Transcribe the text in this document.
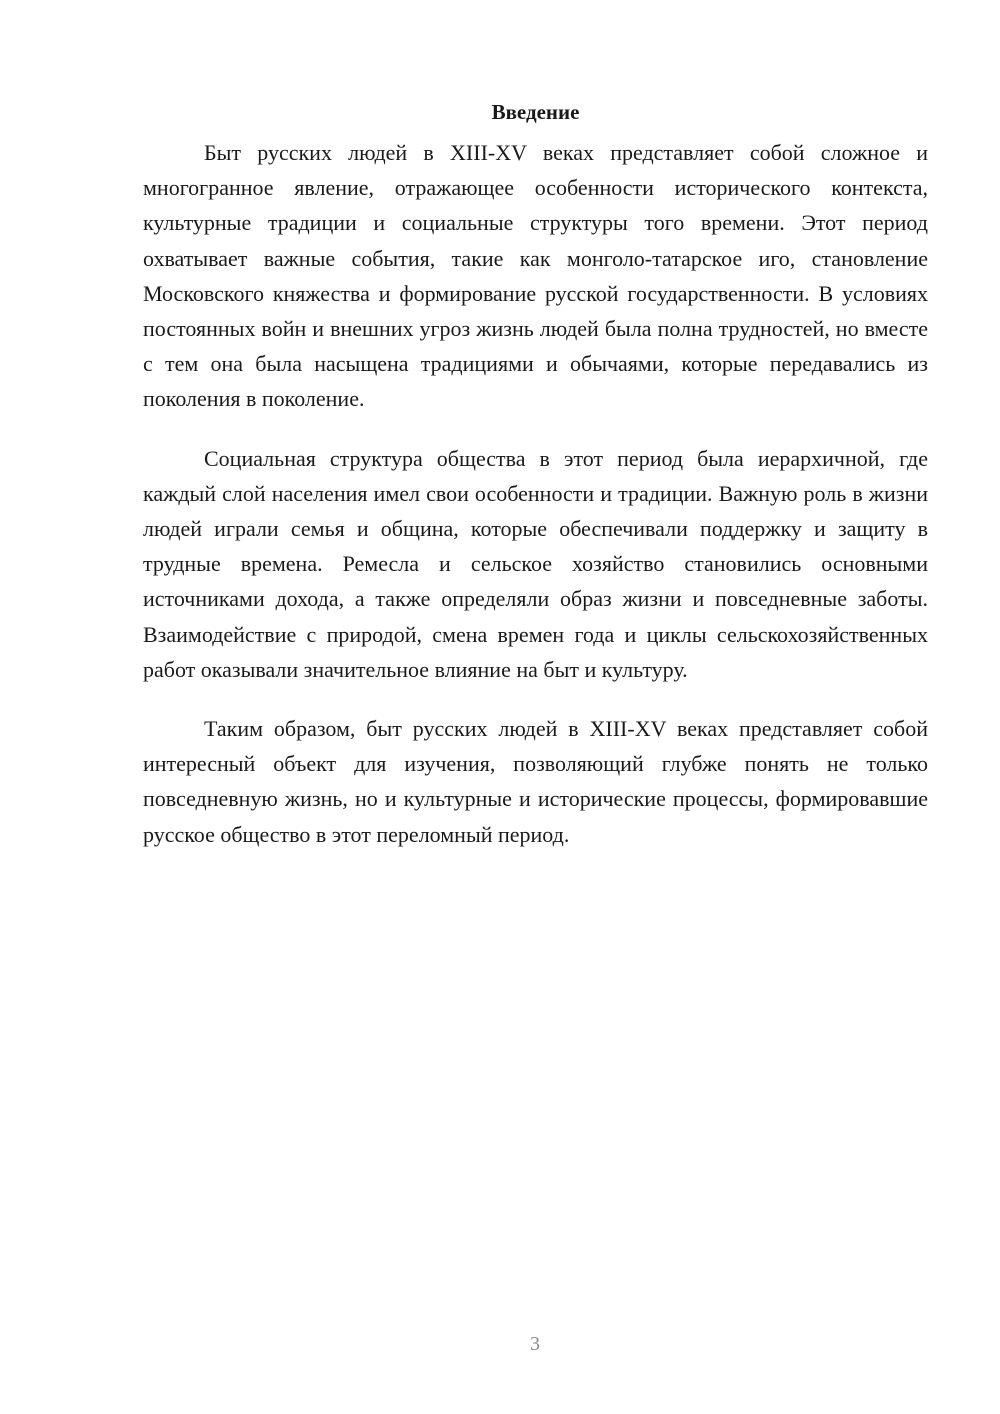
Введение

Быт русских людей в XIII-XV веках представляет собой сложное и многогранное явление, отражающее особенности исторического контекста, культурные традиции и социальные структуры того времени. Этот период охватывает важные события, такие как монголо-татарское иго, становление Московского княжества и формирование русской государственности. В условиях постоянных войн и внешних угроз жизнь людей была полна трудностей, но вместе с тем она была насыщена традициями и обычаями, которые передавались из поколения в поколение.

Социальная структура общества в этот период была иерархичной, где каждый слой населения имел свои особенности и традиции. Важную роль в жизни людей играли семья и община, которые обеспечивали поддержку и защиту в трудные времена. Ремесла и сельское хозяйство становились основными источниками дохода, а также определяли образ жизни и повседневные заботы. Взаимодействие с природой, смена времен года и циклы сельскохозяйственных работ оказывали значительное влияние на быт и культуру.

Таким образом, быт русских людей в XIII-XV веках представляет собой интересный объект для изучения, позволяющий глубже понять не только повседневную жизнь, но и культурные и исторические процессы, формировавшие русское общество в этот переломный период.

3
